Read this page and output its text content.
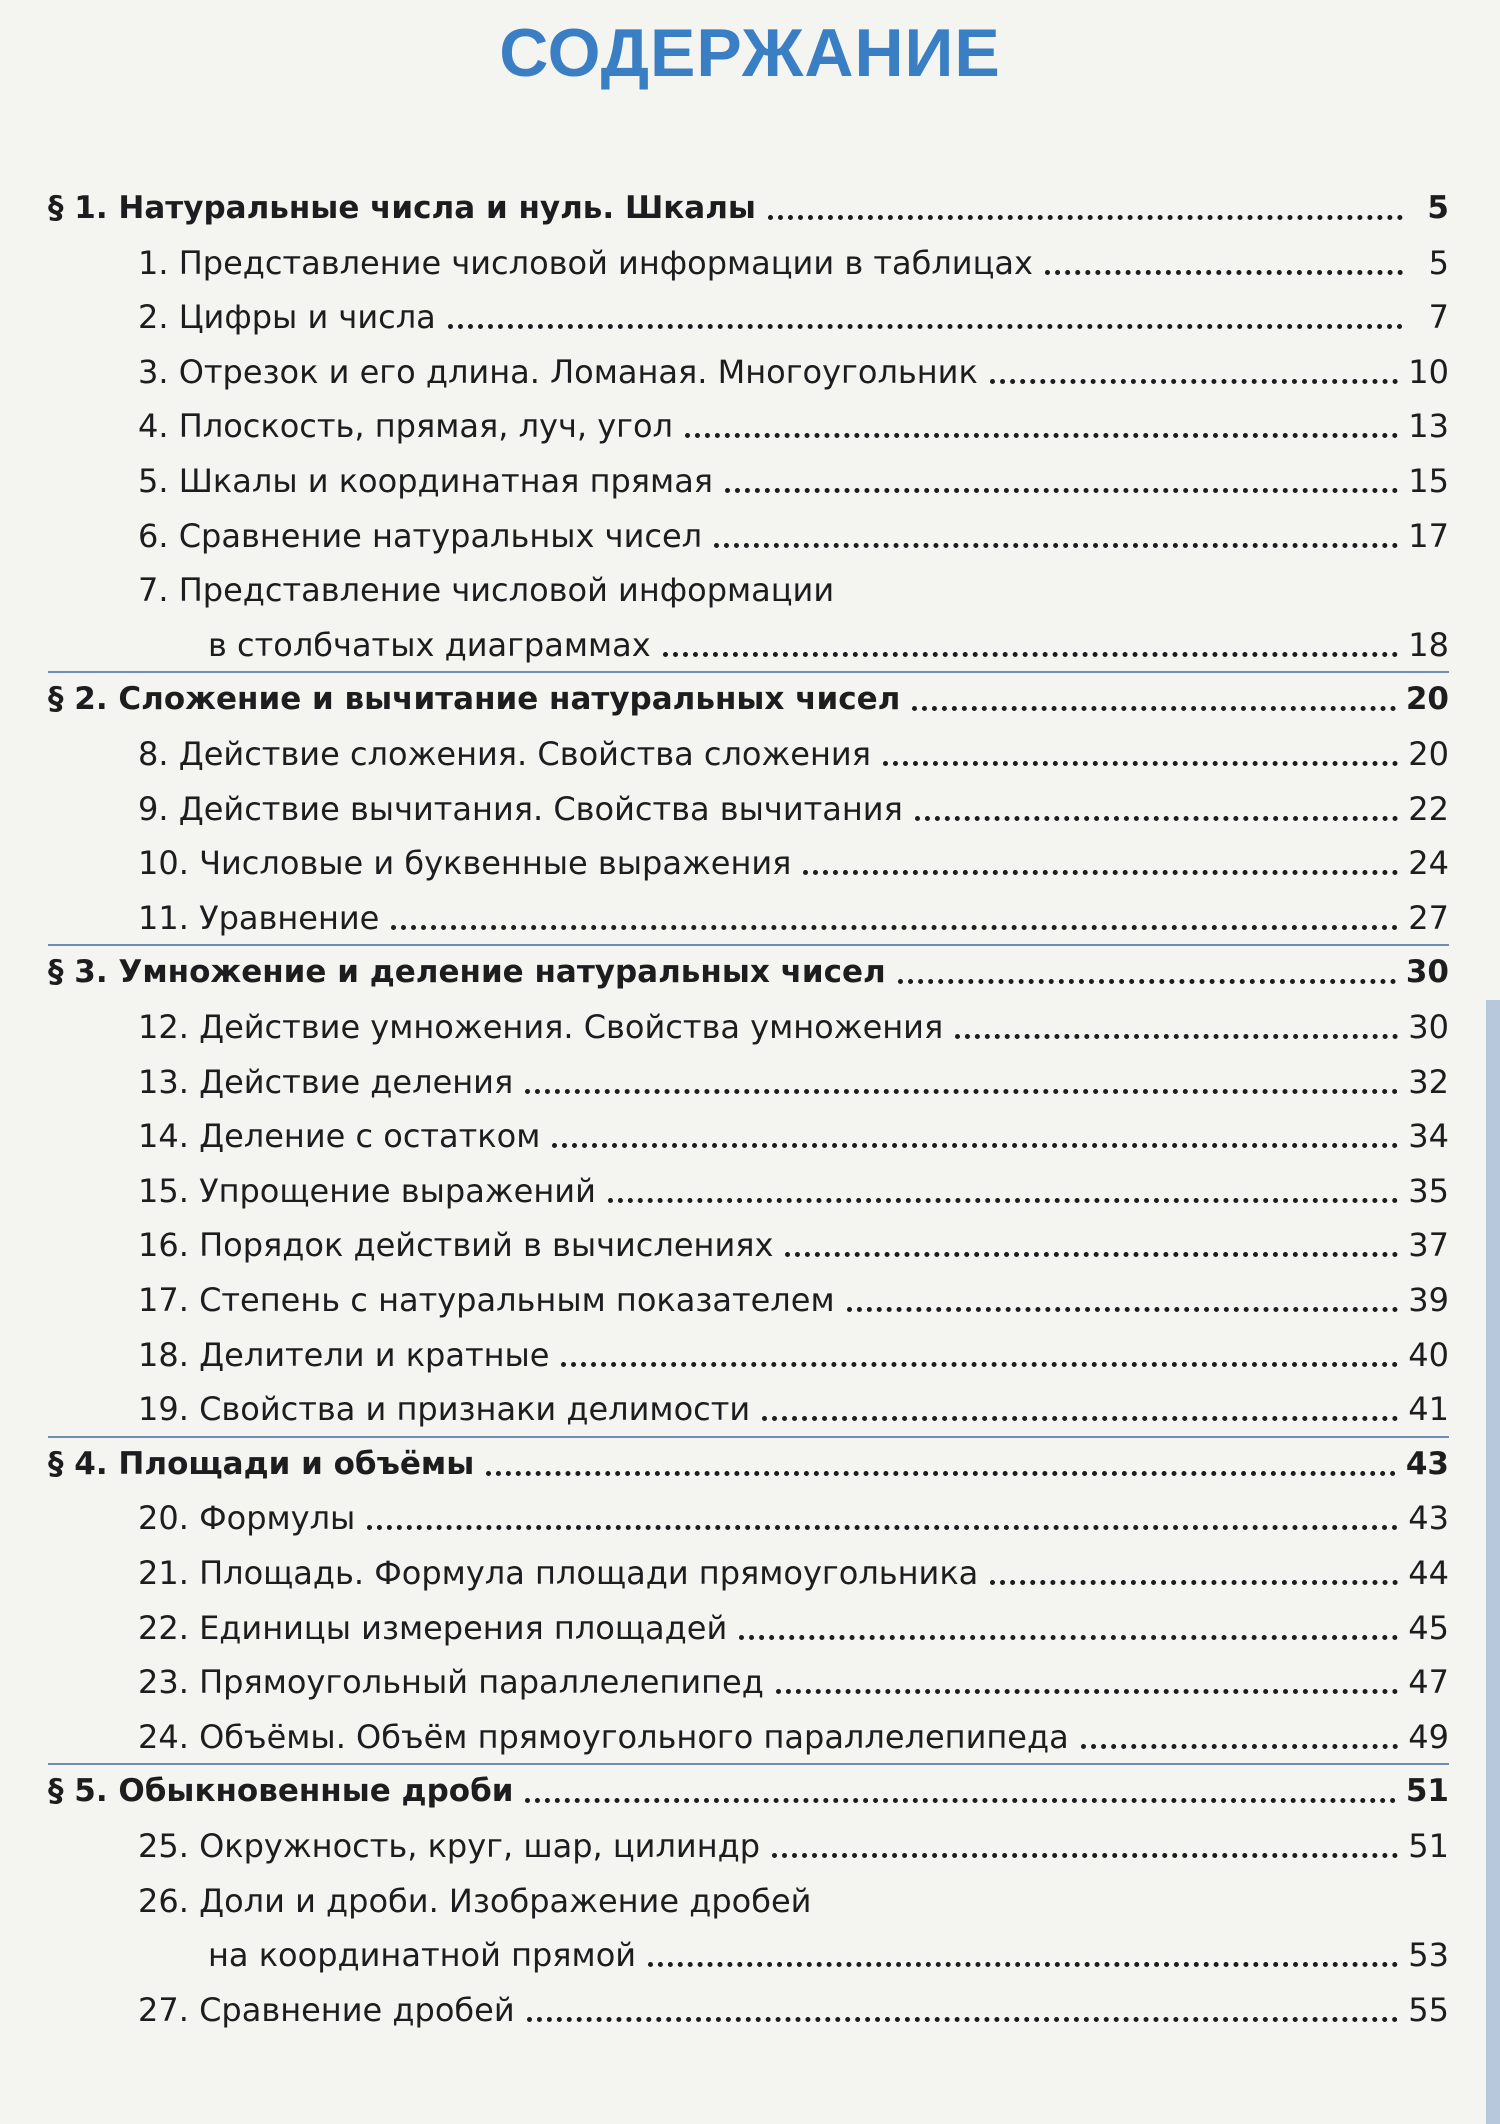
СОДЕРЖАНИЕ
§ 1. Натуральные числа и нуль. Шкалы	5
1. Представление числовой информации в таблицах	5
2. Цифры и числа	7
3. Отрезок и его длина. Ломаная. Многоугольник	10
4. Плоскость, прямая, луч, угол	13
5. Шкалы и координатная прямая	15
6. Сравнение натуральных чисел	17
7. Представление числовой информации
в столбчатых диаграммах	18
§ 2. Сложение и вычитание натуральных чисел	20
8. Действие сложения. Свойства сложения	20
9. Действие вычитания. Свойства вычитания	22
10. Числовые и буквенные выражения	24
11. Уравнение	27
§ 3. Умножение и деление натуральных чисел	30
12. Действие умножения. Свойства умножения	30
13. Действие деления	32
14. Деление с остатком	34
15. Упрощение выражений	35
16. Порядок действий в вычислениях	37
17. Степень с натуральным показателем	39
18. Делители и кратные	40
19. Свойства и признаки делимости	41
§ 4. Площади и объёмы	43
20. Формулы	43
21. Площадь. Формула площади прямоугольника	44
22. Единицы измерения площадей	45
23. Прямоугольный параллелепипед	47
24. Объёмы. Объём прямоугольного параллелепипеда	49
§ 5. Обыкновенные дроби	51
25. Окружность, круг, шар, цилиндр	51
26. Доли и дроби. Изображение дробей
на координатной прямой	53
27. Сравнение дробей	55
